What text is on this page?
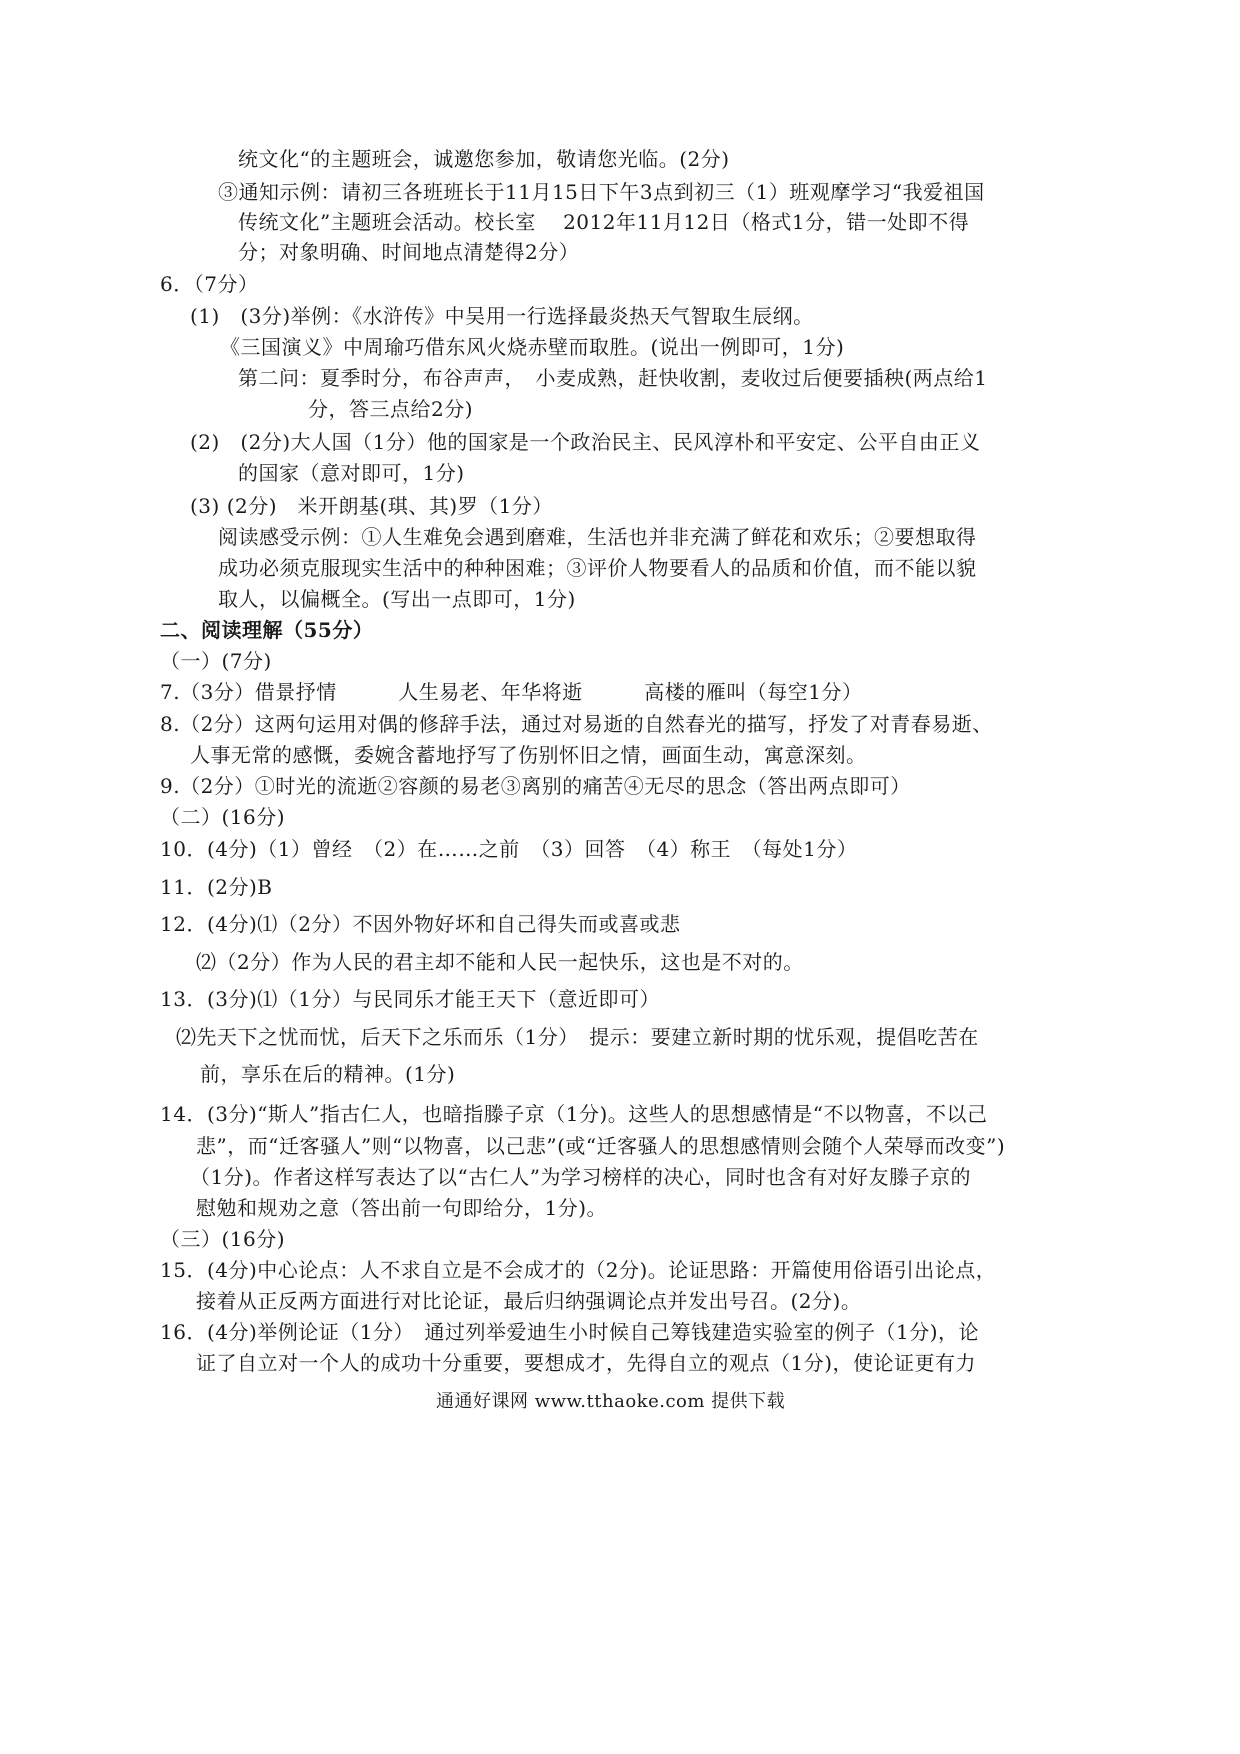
统文化“的主题班会，诚邀您参加，敬请您光临。(2分)
③通知示例：请初三各班班长于11月15日下午3点到初三（1）班观摩学习“我爱祖国
传统文化”主题班会活动。校长室　 2012年11月12日（格式1分，错一处即不得
分；对象明确、时间地点清楚得2分）
6．（7分）
(1)　(3分)举例：《水浒传》中吴用一行选择最炎热天气智取生辰纲。
《三国演义》中周瑜巧借东风火烧赤壁而取胜。(说出一例即可，1分)
第二问：夏季时分，布谷声声，　小麦成熟，赶快收割，麦收过后便要插秧(两点给1
分，答三点给2分)
(2)　(2分)大人国（1分）他的国家是一个政治民主、民风淳朴和平安定、公平自由正义
的国家（意对即可，1分)
(3) (2分)　米开朗基(琪、其)罗（1分）
阅读感受示例：①人生难免会遇到磨难，生活也并非充满了鲜花和欢乐；②要想取得
成功必须克服现实生活中的种种困难；③评价人物要看人的品质和价值，而不能以貌
取人，以偏概全。(写出一点即可，1分)
二、阅读理解（55分）
（一）(7分)
7.（3分）借景抒情　　　人生易老、年华将逝　　　高楼的雁叫（每空1分）
8.（2分）这两句运用对偶的修辞手法，通过对易逝的自然春光的描写，抒发了对青春易逝、
人事无常的感慨，委婉含蓄地抒写了伤别怀旧之情，画面生动，寓意深刻。
9.（2分）①时光的流逝②容颜的易老③离别的痛苦④无尽的思念（答出两点即可）
（二）(16分)
10．(4分)（1）曾经　（2）在……之前　（3）回答　（4）称王　（每处1分）
11．(2分)B
12．(4分)⑴（2分）不因外物好坏和自己得失而或喜或悲
⑵（2分）作为人民的君主却不能和人民一起快乐，这也是不对的。
13．(3分)⑴（1分）与民同乐才能王天下（意近即可）
⑵先天下之忧而忧，后天下之乐而乐（1分）　提示：要建立新时期的忧乐观，提倡吃苦在
前，享乐在后的精神。(1分)
14．(3分)“斯人”指古仁人，也暗指滕子京（1分)。这些人的思想感情是“不以物喜，不以己
悲”，而“迁客骚人”则“以物喜，以己悲”(或“迁客骚人的思想感情则会随个人荣辱而改变”)
（1分)。作者这样写表达了以“古仁人”为学习榜样的决心，同时也含有对好友滕子京的
慰勉和规劝之意（答出前一句即给分，1分)。
（三）(16分)
15．(4分)中心论点：人不求自立是不会成才的（2分)。论证思路：开篇使用俗语引出论点，
接着从正反两方面进行对比论证，最后归纳强调论点并发出号召。(2分)。
16．(4分)举例论证（1分）　通过列举爱迪生小时候自己筹钱建造实验室的例子（1分)，论
证了自立对一个人的成功十分重要，要想成才，先得自立的观点（1分)，使论证更有力
通通好课网 www.tthaoke.com 提供下载
